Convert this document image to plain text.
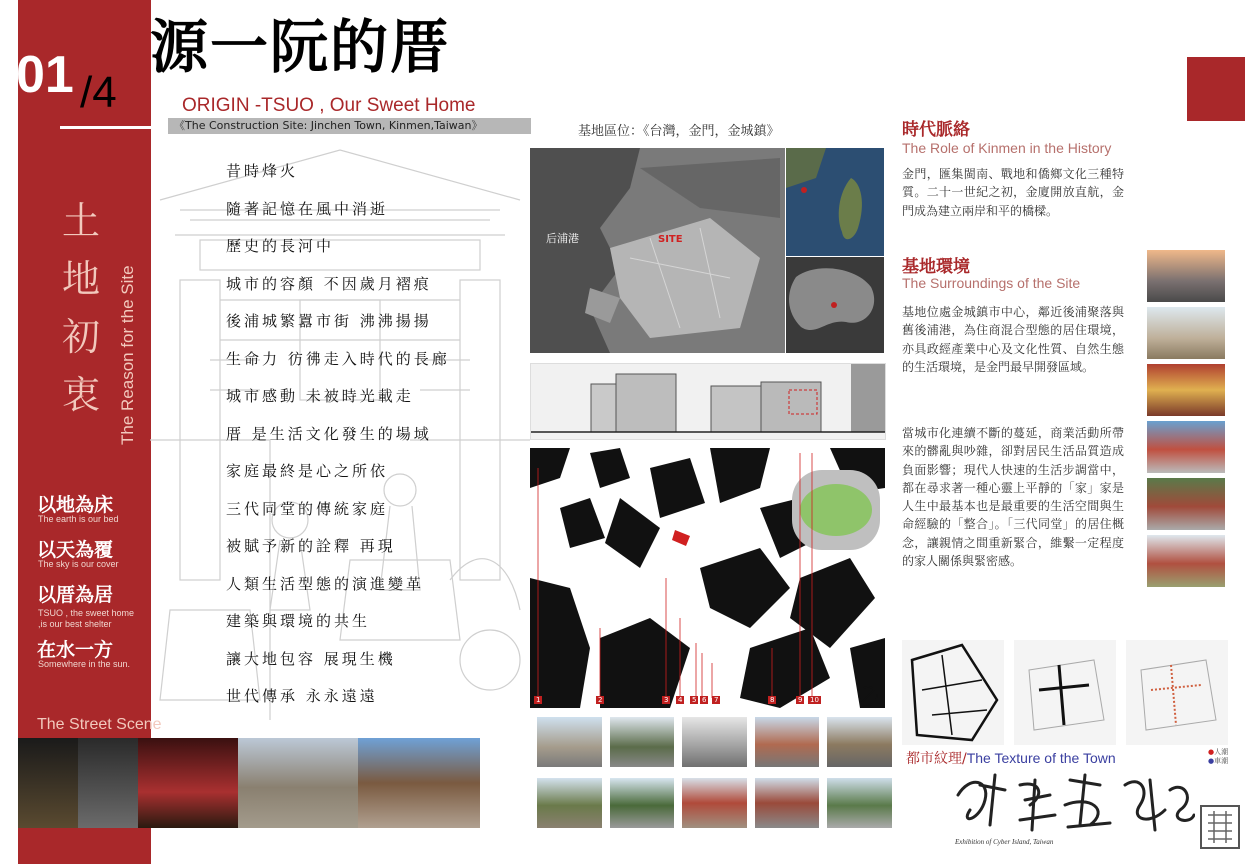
源一阮的厝
01 /4	ORIGIN -TSUO , Our Sweet Home
《The Construction Site: Jinchen Town, Kinmen,Taiwan》
土地初衷	The Reason for the Site
以地為床
The earth is our bed
以天為覆
The sky is our cover
以厝為居
TSUO , the sweet home
,is our best shelter
在水一方
Somewhere in the sun.
The Street Scene
昔時烽火
隨著記憶在風中消逝
歷史的長河中
城市的容顏 不因歲月褶痕
後浦城繁囂市街 沸沸揚揚
生命力 彷彿走入時代的長廊
城市感動 未被時光載走
厝 是生活文化發生的場域
家庭最終是心之所依
三代同堂的傳統家庭
被賦予新的詮釋 再現
人類生活型態的演進變革
建築與環境的共生
讓大地包容 展現生機
世代傳承 永永遠遠
基地區位：《台灣，金門，金城鎮》
后浦港	SITE
1	2	3 4 5 6 7	8	9 10
時代脈絡
The Role of Kinmen in the History
金門，匯集閩南、戰地和僑鄉文化三種特質。二十一世紀之初，金廈開放直航，金門成為建立兩岸和平的橋樑。
基地環境
The Surroundings of the Site
基地位處金城鎮市中心，鄰近後浦聚落與舊後浦港，為住商混合型態的居住環境，亦具政經產業中心及文化性質、自然生態的生活環境，是金門最早開發區域。
當城市化連續不斷的蔓延，商業活動所帶來的髒亂與吵雜，卻對居民生活品質造成負面影響；現代人快速的生活步調當中，都在尋求著一種心靈上平靜的「家」家是人生中最基本也是最重要的生活空間與生命經驗的「整合」。「三代同堂」的居住概念，讓親情之間重新緊合，維繫一定程度的家人關係與緊密感。
都市紋理/The Texture of the Town	●人潮
●車潮
Exhibition of Cyber Island, Taiwan
